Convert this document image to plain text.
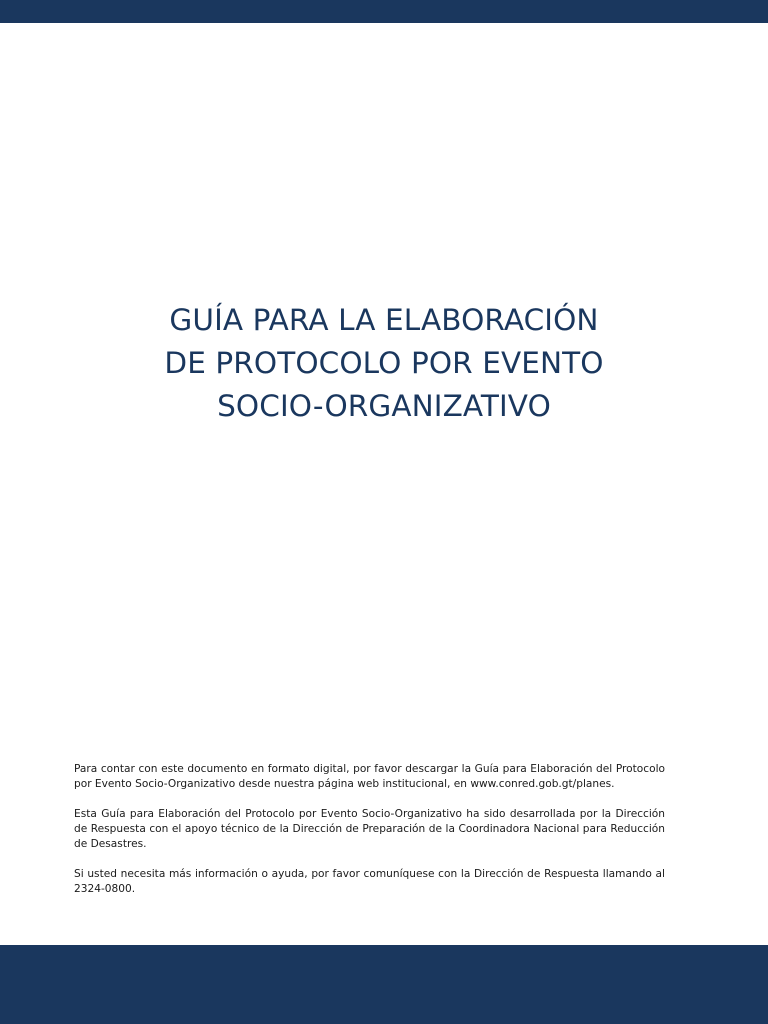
GUÍA PARA LA ELABORACIÓN
DE PROTOCOLO POR EVENTO
SOCIO-ORGANIZATIVO

Para contar con este documento en formato digital, por favor descargar la Guía para Elaboración del Protocolo por Evento Socio-Organizativo desde nuestra página web institucional, en www.conred.gob.gt/planes.

Esta Guía para Elaboración del Protocolo por Evento Socio-Organizativo ha sido desarrollada por la Dirección de Respuesta con el apoyo técnico de la Dirección de Preparación de la Coordinadora Nacional para Reducción de Desastres.

Si usted necesita más información o ayuda, por favor comuníquese con la Dirección de Respuesta llamando al 2324-0800.
